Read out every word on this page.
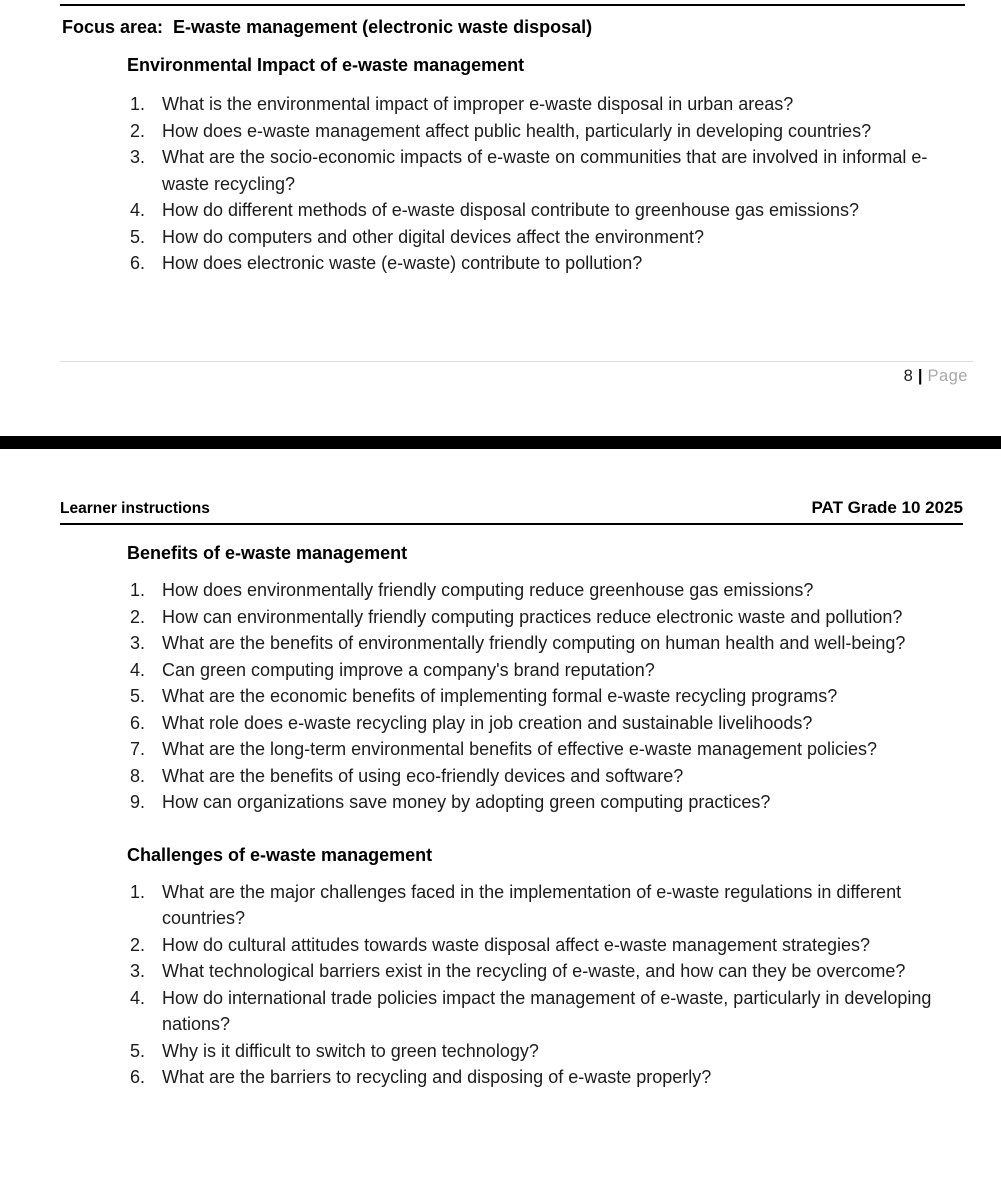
Focus area:  E-waste management (electronic waste disposal)
Environmental Impact of e-waste management
1. What is the environmental impact of improper e-waste disposal in urban areas?
2. How does e-waste management affect public health, particularly in developing countries?
3. What are the socio-economic impacts of e-waste on communities that are involved in informal e-waste recycling?
4. How do different methods of e-waste disposal contribute to greenhouse gas emissions?
5. How do computers and other digital devices affect the environment?
6. How does electronic waste (e-waste) contribute to pollution?
8 | Page
Learner instructions	PAT Grade 10 2025
Benefits of e-waste management
1. How does environmentally friendly computing reduce greenhouse gas emissions?
2. How can environmentally friendly computing practices reduce electronic waste and pollution?
3. What are the benefits of environmentally friendly computing on human health and well-being?
4. Can green computing improve a company's brand reputation?
5. What are the economic benefits of implementing formal e-waste recycling programs?
6. What role does e-waste recycling play in job creation and sustainable livelihoods?
7. What are the long-term environmental benefits of effective e-waste management policies?
8. What are the benefits of using eco-friendly devices and software?
9. How can organizations save money by adopting green computing practices?
Challenges of e-waste management
1. What are the major challenges faced in the implementation of e-waste regulations in different countries?
2. How do cultural attitudes towards waste disposal affect e-waste management strategies?
3. What technological barriers exist in the recycling of e-waste, and how can they be overcome?
4. How do international trade policies impact the management of e-waste, particularly in developing nations?
5. Why is it difficult to switch to green technology?
6. What are the barriers to recycling and disposing of e-waste properly?
